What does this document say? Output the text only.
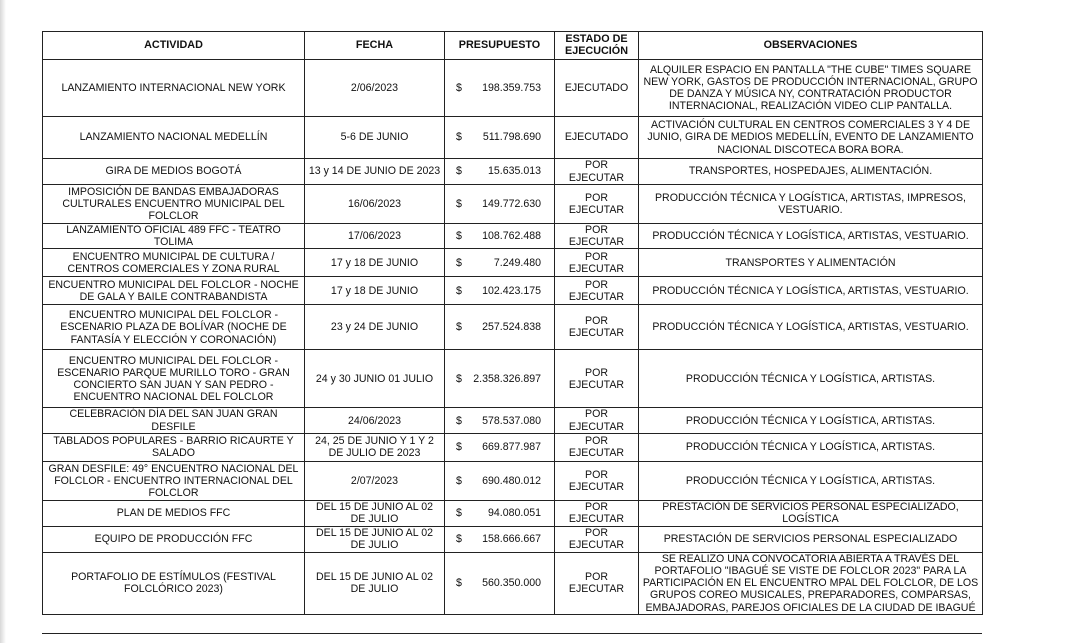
ACTIVIDAD	FECHA	PRESUPUESTO	ESTADO DE EJECUCIÓN	OBSERVACIONES
LANZAMIENTO INTERNACIONAL NEW YORK	2/06/2023	$ 198.359.753	EJECUTADO	ALQUILER ESPACIO EN PANTALLA "THE CUBE" TIMES SQUARE NEW YORK, GASTOS DE PRODUCCIÓN INTERNACIONAL, GRUPO DE DANZA Y MÚSICA NY, CONTRATACIÓN PRODUCTOR INTERNACIONAL, REALIZACIÓN VIDEO CLIP PANTALLA.
LANZAMIENTO NACIONAL MEDELLÍN	5-6 DE JUNIO	$ 511.798.690	EJECUTADO	ACTIVACIÓN CULTURAL EN CENTROS COMERCIALES 3 Y 4 DE JUNIO, GIRA DE MEDIOS MEDELLÍN, EVENTO DE LANZAMIENTO NACIONAL DISCOTECA BORA BORA.
GIRA DE MEDIOS BOGOTÁ	13 y 14 DE JUNIO DE 2023	$ 15.635.013	POR EJECUTAR	TRANSPORTES, HOSPEDAJES, ALIMENTACIÓN.
IMPOSICIÓN DE BANDAS EMBAJADORAS CULTURALES ENCUENTRO MUNICIPAL DEL FOLCLOR	16/06/2023	$ 149.772.630	POR EJECUTAR	PRODUCCIÓN TÉCNICA Y LOGÍSTICA, ARTISTAS, IMPRESOS, VESTUARIO.
LANZAMIENTO OFICIAL 489 FFC - TEATRO TOLIMA	17/06/2023	$ 108.762.488	POR EJECUTAR	PRODUCCIÓN TÉCNICA Y LOGÍSTICA, ARTISTAS, VESTUARIO.
ENCUENTRO MUNICIPAL DE CULTURA / CENTROS COMERCIALES Y ZONA RURAL	17 y 18 DE JUNIO	$ 7.249.480	POR EJECUTAR	TRANSPORTES Y ALIMENTACIÓN
ENCUENTRO MUNICIPAL DEL FOLCLOR - NOCHE DE GALA Y BAILE CONTRABANDISTA	17 y 18 DE JUNIO	$ 102.423.175	POR EJECUTAR	PRODUCCIÓN TÉCNICA Y LOGÍSTICA, ARTISTAS, VESTUARIO.
ENCUENTRO MUNICIPAL DEL FOLCLOR - ESCENARIO PLAZA DE BOLÍVAR (NOCHE DE FANTASÍA Y ELECCIÓN Y CORONACIÓN)	23 y 24 DE JUNIO	$ 257.524.838	POR EJECUTAR	PRODUCCIÓN TÉCNICA Y LOGÍSTICA, ARTISTAS, VESTUARIO.
ENCUENTRO MUNICIPAL DEL FOLCLOR - ESCENARIO PARQUE MURILLO TORO - GRAN CONCIERTO SAN JUAN Y SAN PEDRO - ENCUENTRO NACIONAL DEL FOLCLOR	24 y 30 JUNIO 01 JULIO	$ 2.358.326.897	POR EJECUTAR	PRODUCCIÓN TÉCNICA Y LOGÍSTICA, ARTISTAS.
CELEBRACIÓN DÍA DEL SAN JUAN GRAN DESFILE	24/06/2023	$ 578.537.080	POR EJECUTAR	PRODUCCIÓN TÉCNICA Y LOGÍSTICA, ARTISTAS.
TABLADOS POPULARES - BARRIO RICAURTE Y SALADO	24, 25 DE JUNIO Y 1 Y 2 DE JULIO DE 2023	$ 669.877.987	POR EJECUTAR	PRODUCCIÓN TÉCNICA Y LOGÍSTICA, ARTISTAS.
GRAN DESFILE: 49° ENCUENTRO NACIONAL DEL FOLCLOR - ENCUENTRO INTERNACIONAL DEL FOLCLOR	2/07/2023	$ 690.480.012	POR EJECUTAR	PRODUCCIÓN TÉCNICA Y LOGÍSTICA, ARTISTAS.
PLAN DE MEDIOS FFC	DEL 15 DE JUNIO AL 02 DE JULIO	$ 94.080.051	POR EJECUTAR	PRESTACIÓN DE SERVICIOS PERSONAL ESPECIALIZADO, LOGÍSTICA
EQUIPO DE PRODUCCIÓN FFC	DEL 15 DE JUNIO AL 02 DE JULIO	$ 158.666.667	POR EJECUTAR	PRESTACIÓN DE SERVICIOS PERSONAL ESPECIALIZADO
PORTAFOLIO DE ESTÍMULOS (FESTIVAL FOLCLÓRICO 2023)	DEL 15 DE JUNIO AL 02 DE JULIO	$ 560.350.000	POR EJECUTAR	SE REALIZO UNA CONVOCATORIA ABIERTA A TRAVÉS DEL PORTAFOLIO "IBAGUÉ SE VISTE DE FOLCLOR 2023" PARA LA PARTICIPACIÓN EN EL ENCUENTRO MPAL DEL FOLCLOR, DE LOS GRUPOS COREO MUSICALES, PREPARADORES, COMPARSAS, EMBAJADORAS, PAREJOS OFICIALES DE LA CIUDAD DE IBAGUÉ
